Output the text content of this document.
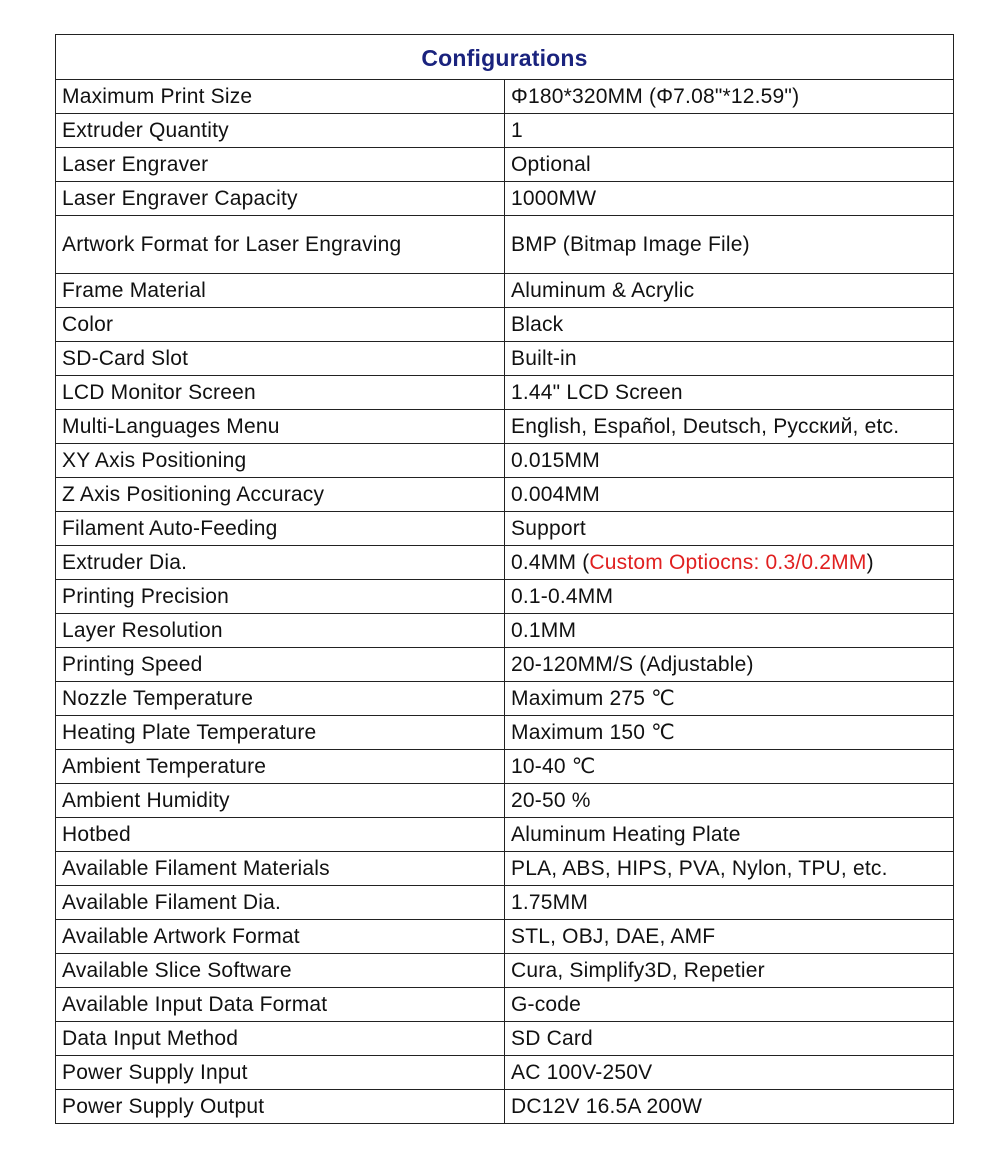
Configurations	
Maximum Print Size	Φ180*320MM (Φ7.08"*12.59")
Extruder Quantity	1
Laser Engraver	Optional
Laser Engraver Capacity	1000MW
Artwork Format for Laser Engraving	BMP (Bitmap Image File)
Frame Material	Aluminum & Acrylic
Color	Black
SD-Card Slot	Built-in
LCD Monitor Screen	1.44" LCD Screen
Multi-Languages Menu	English, Español, Deutsch, Русский, etc.
XY Axis Positioning	0.015MM
Z Axis Positioning Accuracy	0.004MM
Filament Auto-Feeding	Support
Extruder Dia.	0.4MM (Custom Optiocns: 0.3/0.2MM)
Printing Precision	0.1-0.4MM
Layer Resolution	0.1MM
Printing Speed	20-120MM/S (Adjustable)
Nozzle Temperature	Maximum 275 ℃
Heating Plate Temperature	Maximum 150 ℃
Ambient Temperature	10-40 ℃
Ambient Humidity	20-50 %
Hotbed	Aluminum Heating Plate
Available Filament Materials	PLA, ABS, HIPS, PVA, Nylon, TPU, etc.
Available Filament Dia.	1.75MM
Available Artwork Format	STL, OBJ, DAE, AMF
Available Slice Software	Cura, Simplify3D, Repetier
Available Input Data Format	G-code
Data Input Method	SD Card
Power Supply Input	AC 100V-250V
Power Supply Output	DC12V 16.5A 200W
